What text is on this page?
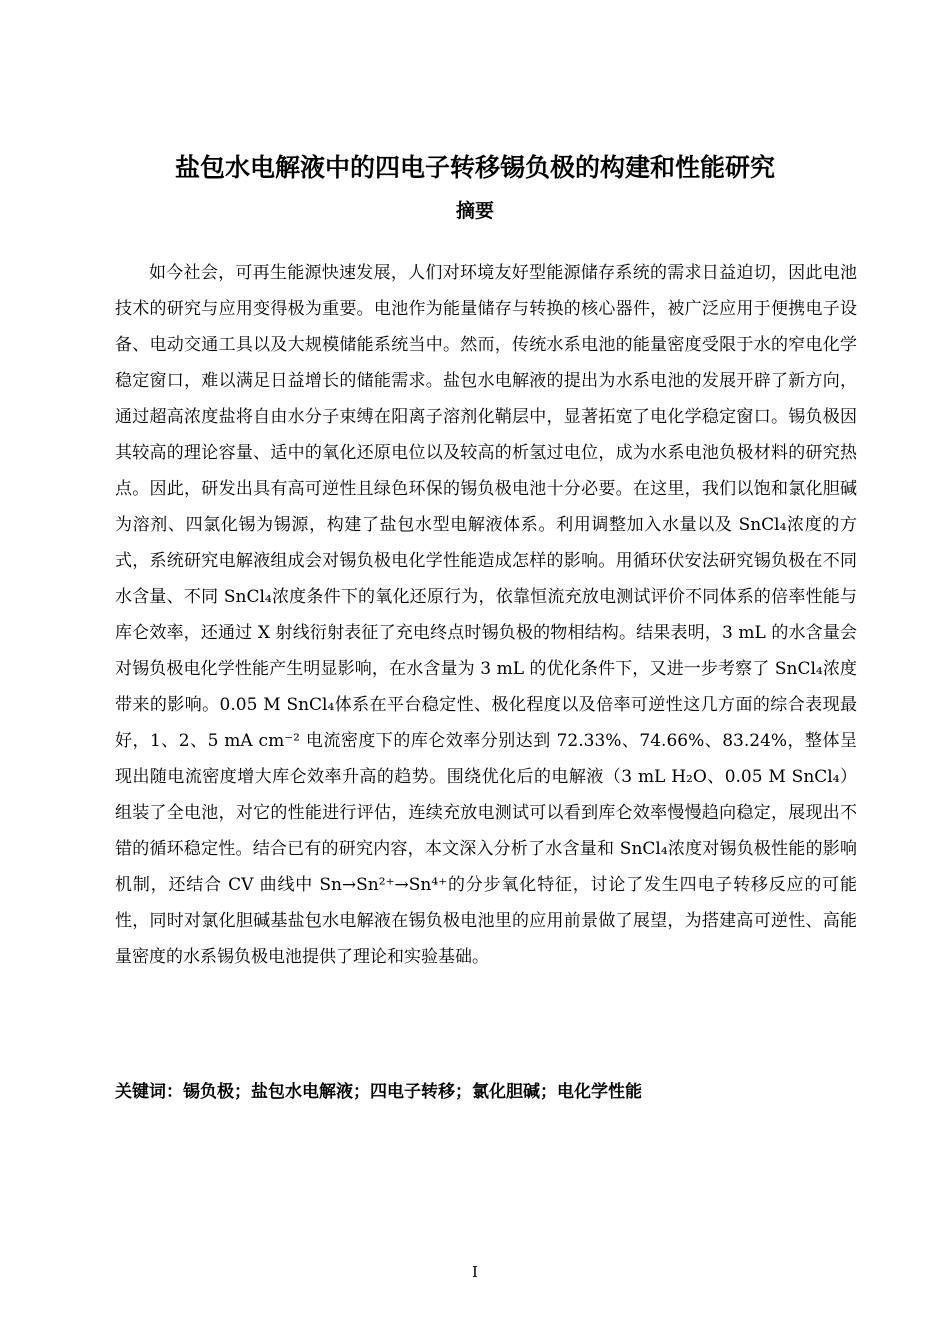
盐包水电解液中的四电子转移锡负极的构建和性能研究
摘要

如今社会，可再生能源快速发展，人们对环境友好型能源储存系统的需求日益迫切，因此电池技术的研究与应用变得极为重要。电池作为能量储存与转换的核心器件，被广泛应用于便携电子设备、电动交通工具以及大规模储能系统当中。然而，传统水系电池的能量密度受限于水的窄电化学稳定窗口，难以满足日益增长的储能需求。盐包水电解液的提出为水系电池的发展开辟了新方向，通过超高浓度盐将自由水分子束缚在阳离子溶剂化鞘层中，显著拓宽了电化学稳定窗口。锡负极因其较高的理论容量、适中的氧化还原电位以及较高的析氢过电位，成为水系电池负极材料的研究热点。因此，研发出具有高可逆性且绿色环保的锡负极电池十分必要。在这里，我们以饱和氯化胆碱为溶剂、四氯化锡为锡源，构建了盐包水型电解液体系。利用调整加入水量以及 SnCl₄浓度的方式，系统研究电解液组成会对锡负极电化学性能造成怎样的影响。用循环伏安法研究锡负极在不同水含量、不同 SnCl₄浓度条件下的氧化还原行为，依靠恒流充放电测试评价不同体系的倍率性能与库仑效率，还通过 X 射线衍射表征了充电终点时锡负极的物相结构。结果表明，3 mL 的水含量会对锡负极电化学性能产生明显影响，在水含量为 3 mL 的优化条件下，又进一步考察了 SnCl₄浓度带来的影响。0.05 M SnCl₄体系在平台稳定性、极化程度以及倍率可逆性这几方面的综合表现最好，1、2、5 mA cm⁻² 电流密度下的库仑效率分别达到 72.33%、74.66%、83.24%，整体呈现出随电流密度增大库仑效率升高的趋势。围绕优化后的电解液（3 mL H₂O、0.05 M SnCl₄）组装了全电池，对它的性能进行评估，连续充放电测试可以看到库仑效率慢慢趋向稳定，展现出不错的循环稳定性。结合已有的研究内容，本文深入分析了水含量和 SnCl₄浓度对锡负极性能的影响机制，还结合 CV 曲线中 Sn→Sn²⁺→Sn⁴⁺的分步氧化特征，讨论了发生四电子转移反应的可能性，同时对氯化胆碱基盐包水电解液在锡负极电池里的应用前景做了展望，为搭建高可逆性、高能量密度的水系锡负极电池提供了理论和实验基础。

关键词：锡负极；盐包水电解液；四电子转移；氯化胆碱；电化学性能

I
